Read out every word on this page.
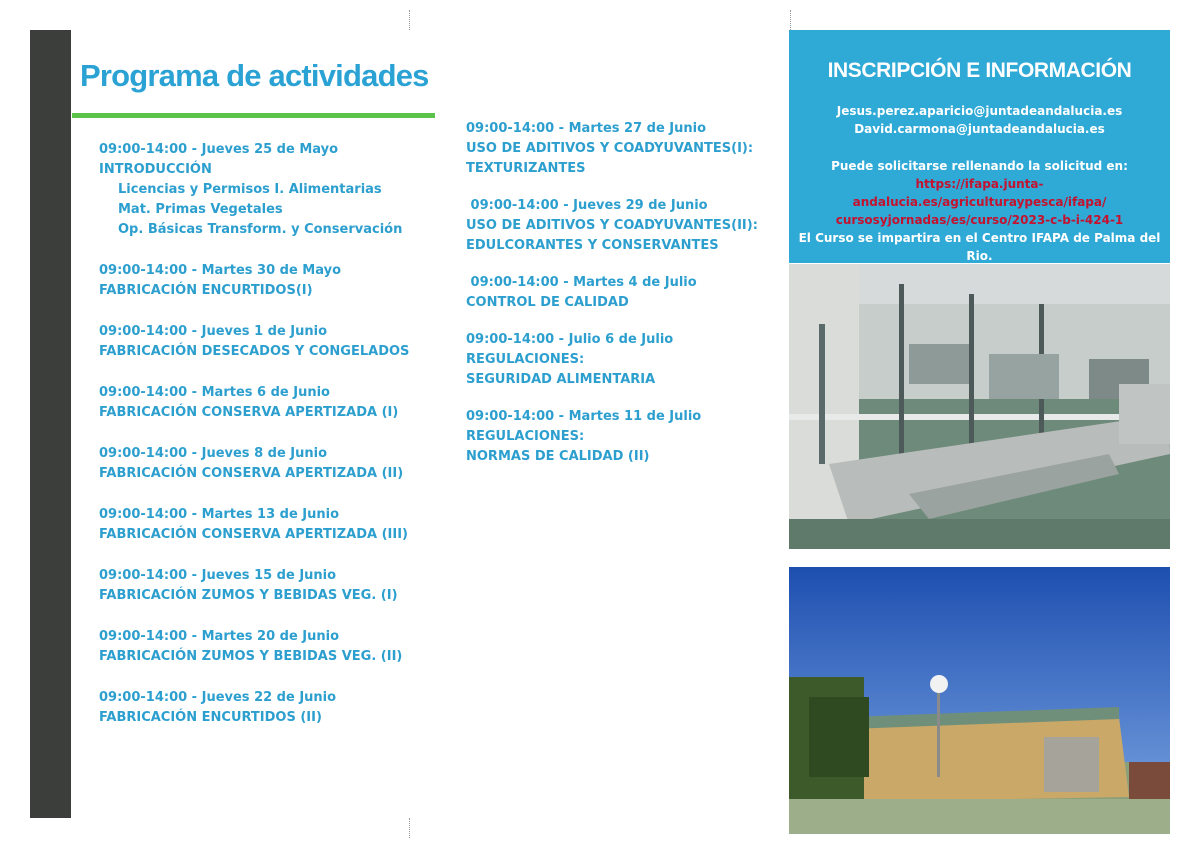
Programa de actividades
09:00-14:00 - Jueves 25 de Mayo
INTRODUCCIÓN
Licencias y Permisos I. Alimentarias
Mat. Primas Vegetales
Op. Básicas Transform. y Conservación
09:00-14:00 - Martes 30 de Mayo
FABRICACIÓN ENCURTIDOS(I)
09:00-14:00 - Jueves 1 de Junio
FABRICACIÓN DESECADOS Y CONGELADOS
09:00-14:00 - Martes 6 de Junio
FABRICACIÓN CONSERVA APERTIZADA (I)
09:00-14:00 - Jueves 8 de Junio
FABRICACIÓN CONSERVA APERTIZADA (II)
09:00-14:00 - Martes 13 de Junio
FABRICACIÓN CONSERVA APERTIZADA (III)
09:00-14:00 - Jueves 15 de Junio
FABRICACIÓN ZUMOS Y BEBIDAS VEG. (I)
09:00-14:00 - Martes 20 de Junio
FABRICACIÓN ZUMOS Y BEBIDAS VEG. (II)
09:00-14:00 - Jueves 22 de Junio
FABRICACIÓN ENCURTIDOS (II)
09:00-14:00 - Martes 27 de Junio
USO DE ADITIVOS Y COADYUVANTES(I):
TEXTURIZANTES
09:00-14:00 - Jueves 29 de Junio
USO DE ADITIVOS Y COADYUVANTES(II):
EDULCORANTES Y CONSERVANTES
09:00-14:00 - Martes 4 de Julio
CONTROL DE CALIDAD
09:00-14:00 - Julio 6 de Julio
REGULACIONES:
SEGURIDAD ALIMENTARIA
09:00-14:00 - Martes 11 de Julio
REGULACIONES:
NORMAS DE CALIDAD (II)
INSCRIPCIÓN E INFORMACIÓN
Jesus.perez.aparicio@juntadeandalucia.es
David.carmona@juntadeandalucia.es
Puede solicitarse rellenando la solicitud en:
https://ifapa.junta-andalucia.es/agriculturaypesca/ifapa/
cursosyjornadas/es/curso/2023-c-b-i-424-1
El Curso se impartira en el Centro IFAPA de Palma del Rio.
